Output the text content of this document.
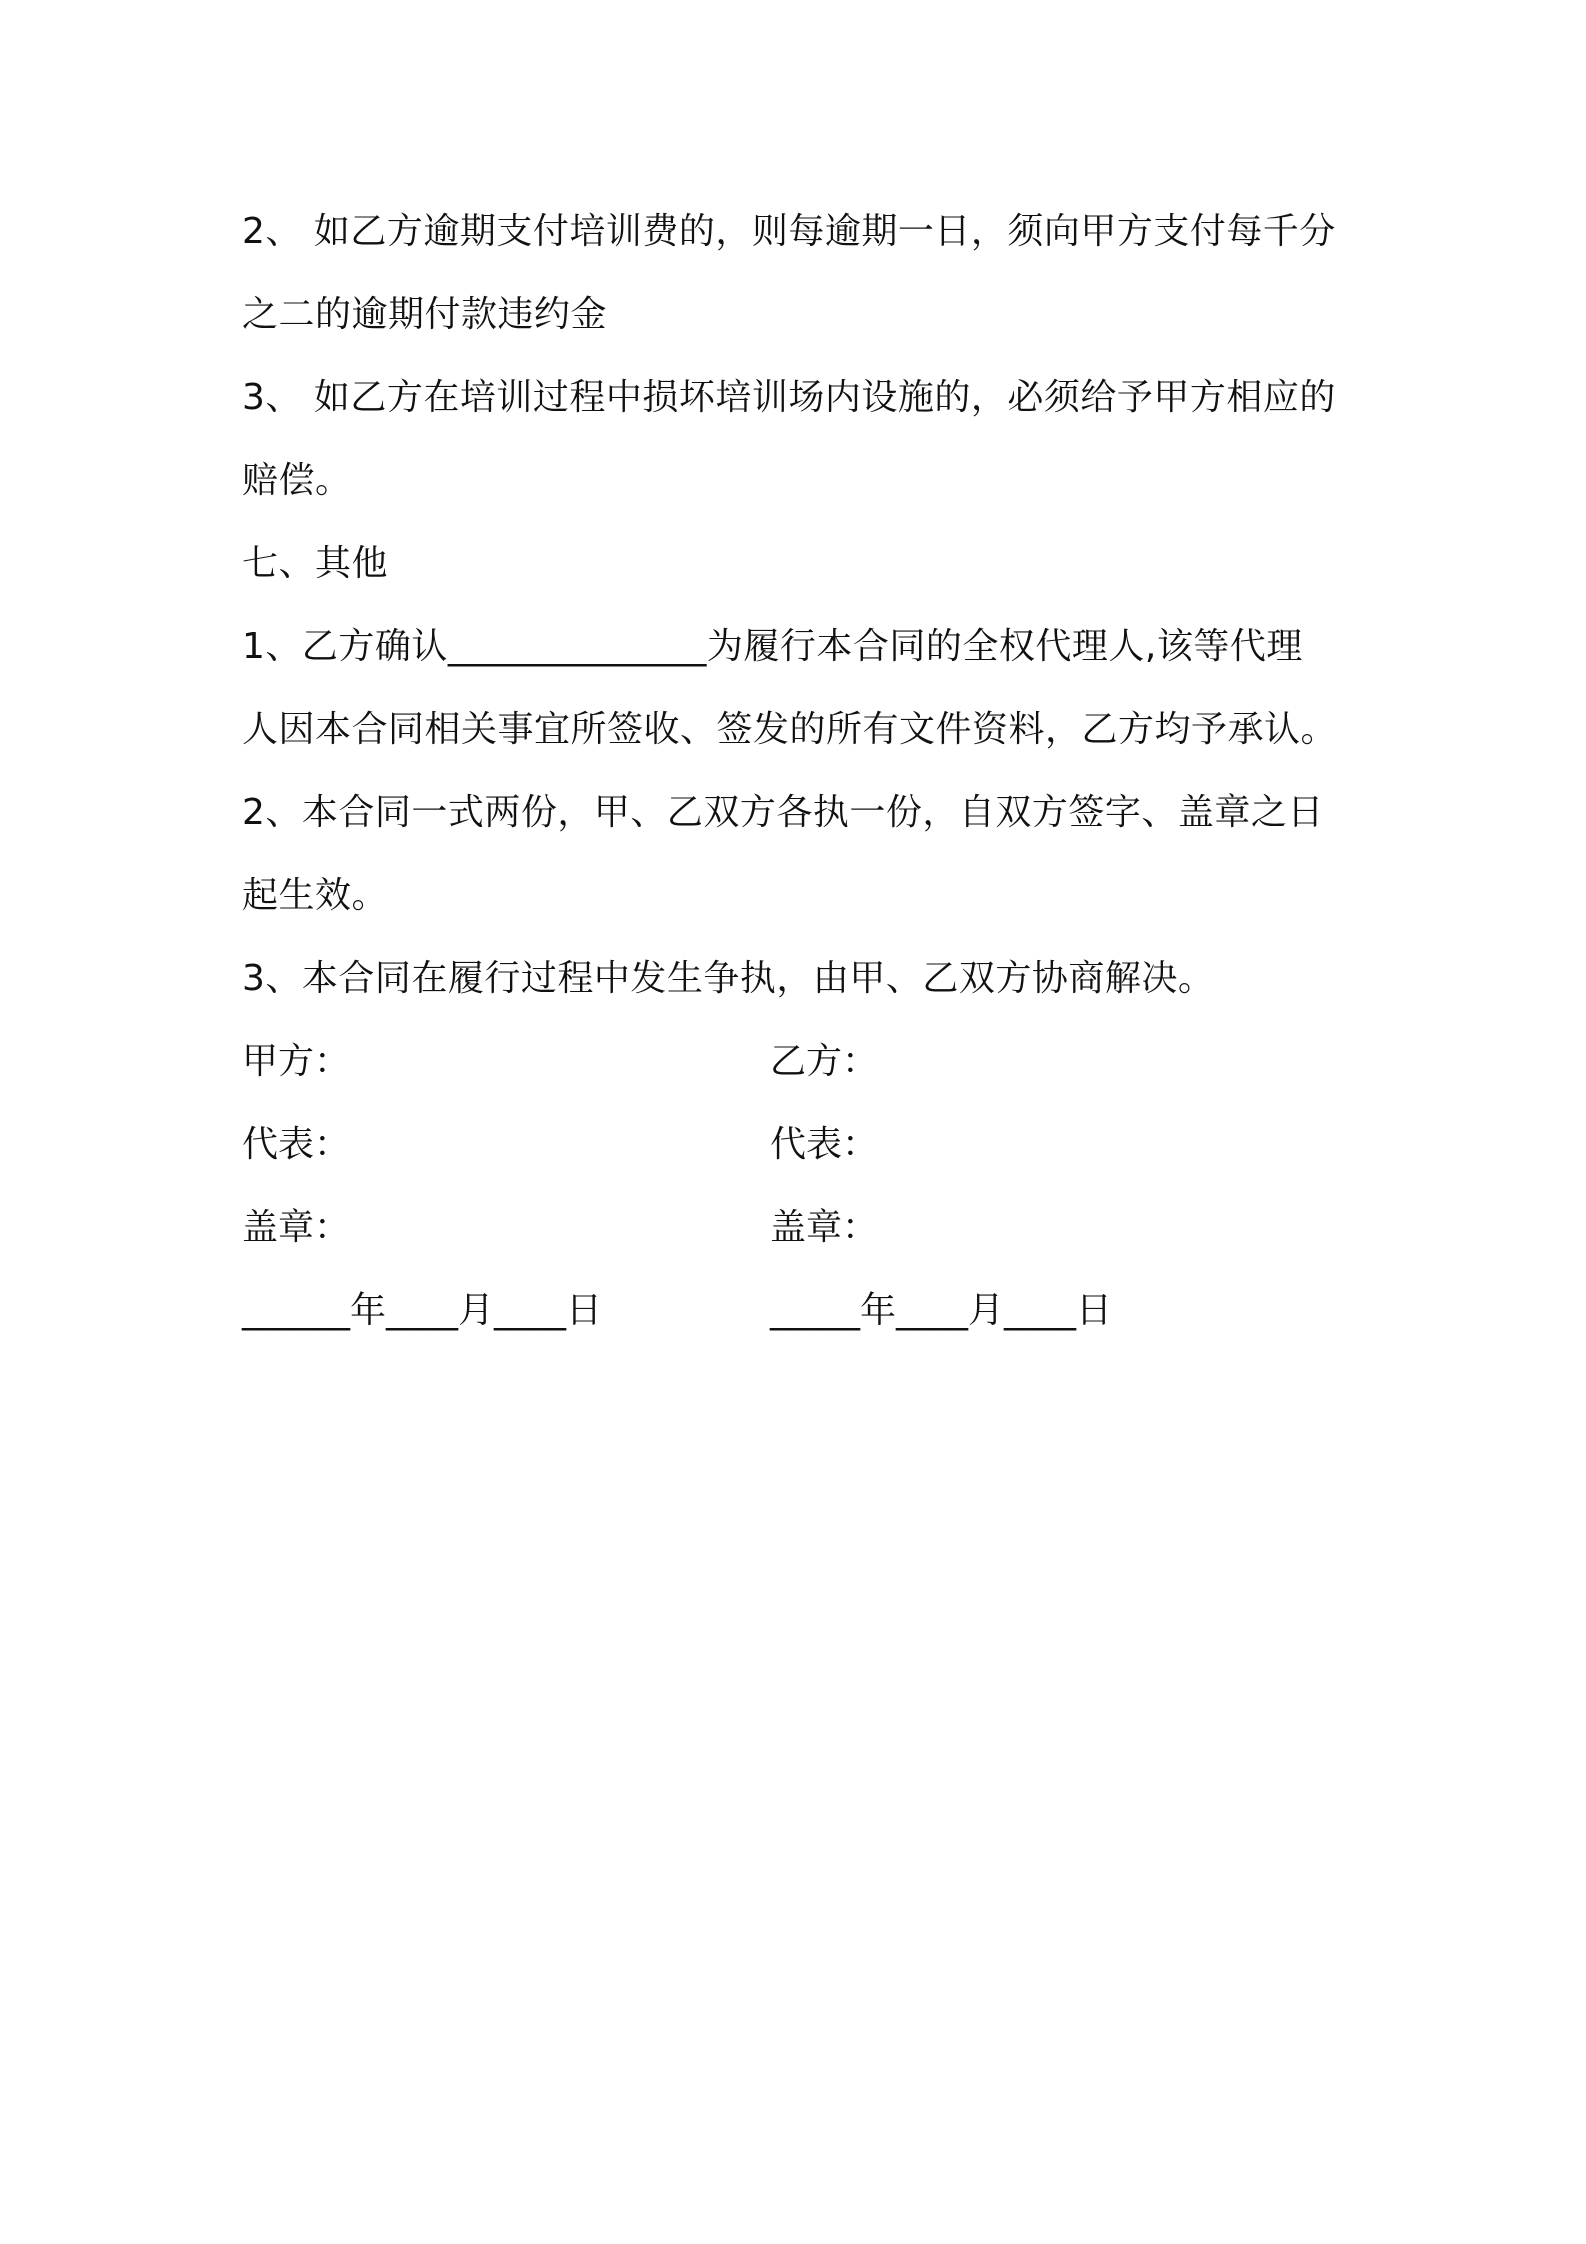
2、 如乙方逾期支付培训费的，则每逾期一日，须向甲方支付每千分
之二的逾期付款违约金
3、 如乙方在培训过程中损坏培训场内设施的，必须给予甲方相应的
赔偿。
七、其他
1、乙方确认______________为履行本合同的全权代理人,该等代理
人因本合同相关事宜所签收、签发的所有文件资料，乙方均予承认。
2、本合同一式两份，甲、乙双方各执一份，自双方签字、盖章之日
起生效。
3、本合同在履行过程中发生争执，由甲、乙双方协商解决。
甲方：	乙方：
代表：	代表：
盖章：	盖章：
______年____月____日	_____年____月____日
